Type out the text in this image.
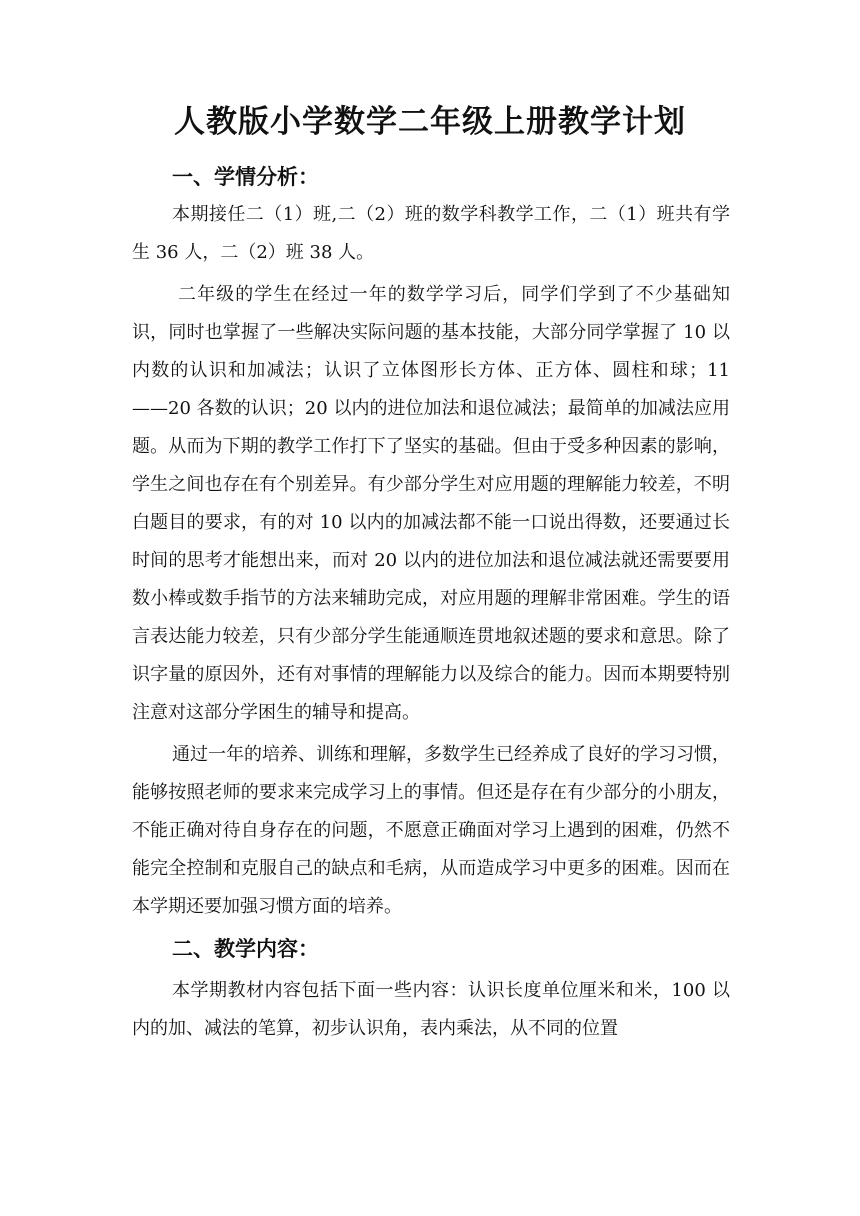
人教版小学数学二年级上册教学计划
一、学情分析：

本期接任二（1）班,二（2）班的数学科教学工作，二（1）班共有学生 36 人，二（2）班 38 人。

二年级的学生在经过一年的数学学习后，同学们学到了不少基础知识，同时也掌握了一些解决实际问题的基本技能，大部分同学掌握了 10 以内数的认识和加减法；认识了立体图形长方体、正方体、圆柱和球；11——20 各数的认识；20 以内的进位加法和退位减法；最简单的加减法应用题。从而为下期的教学工作打下了坚实的基础。但由于受多种因素的影响，学生之间也存在有个别差异。有少部分学生对应用题的理解能力较差，不明白题目的要求，有的对 10 以内的加减法都不能一口说出得数，还要通过长时间的思考才能想出来，而对 20 以内的进位加法和退位减法就还需要要用数小棒或数手指节的方法来辅助完成，对应用题的理解非常困难。学生的语言表达能力较差，只有少部分学生能通顺连贯地叙述题的要求和意思。除了识字量的原因外，还有对事情的理解能力以及综合的能力。因而本期要特别注意对这部分学困生的辅导和提高。

通过一年的培养、训练和理解，多数学生已经养成了良好的学习习惯，能够按照老师的要求来完成学习上的事情。但还是存在有少部分的小朋友，不能正确对待自身存在的问题，不愿意正确面对学习上遇到的困难，仍然不能完全控制和克服自己的缺点和毛病，从而造成学习中更多的困难。因而在本学期还要加强习惯方面的培养。

二、教学内容：

本学期教材内容包括下面一些内容：认识长度单位厘米和米，100 以内的加、减法的笔算，初步认识角，表内乘法，从不同的位置
